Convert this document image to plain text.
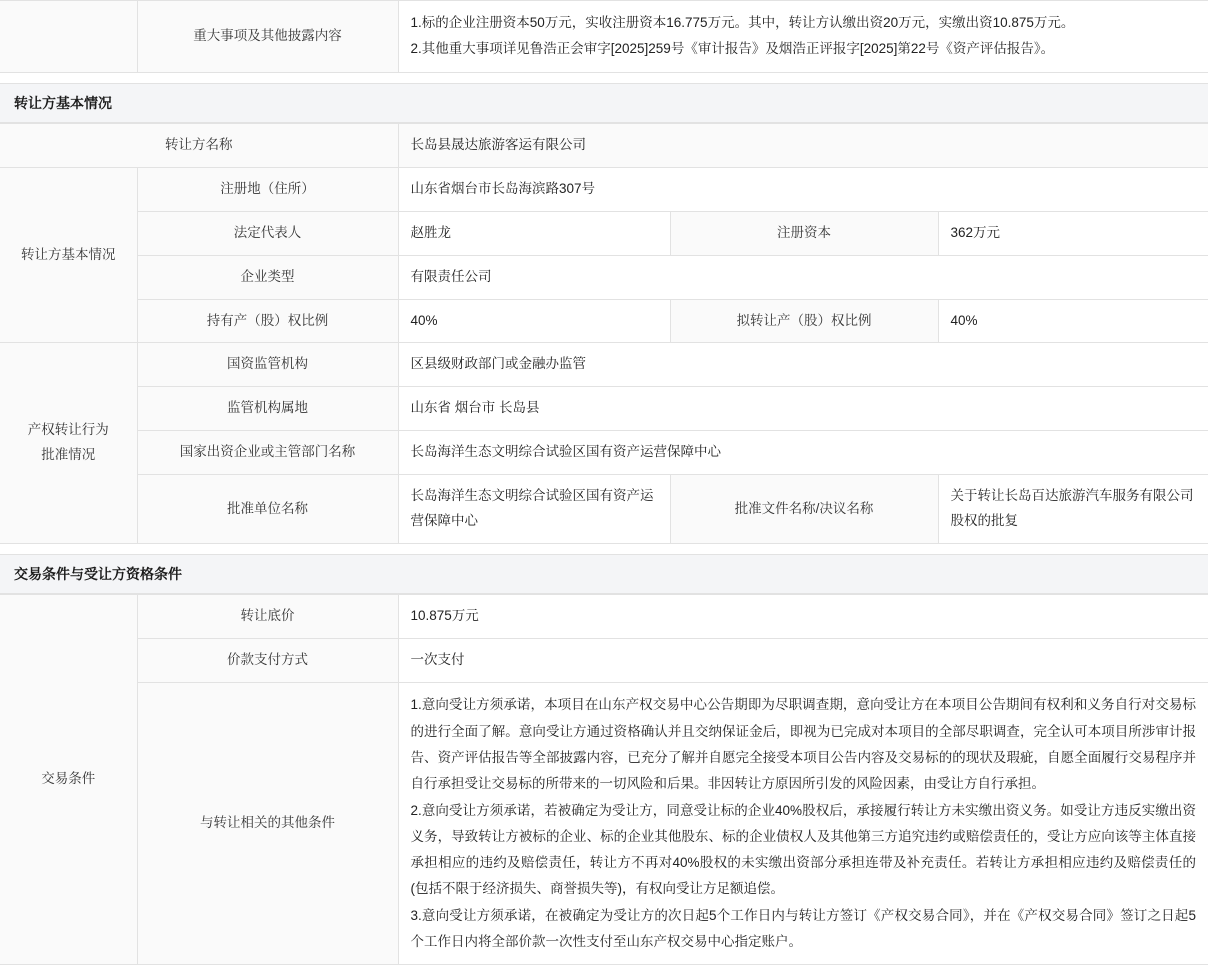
	重大事项及其他披露内容	
1.标的企业注册资本50万元，实收注册资本16.775万元。其中，转让方认缴出资20万元，实缴出资10.875万元。
2.其他重大事项详见鲁浩正会审字[2025]259号《审计报告》及烟浩正评报字[2025]第22号《资产评估报告》。
转让方基本情况
转让方名称		长岛县晟达旅游客运有限公司		
转让方基本情况	注册地（住所）	山东省烟台市长岛海滨路307号		
	法定代表人	赵胜龙	注册资本	362万元
	企业类型	有限责任公司		
	持有产（股）权比例	40%	拟转让产（股）权比例	40%

产权转让行为
批准情况	国资监管机构	区县级财政部门或金融办监管		
	监管机构属地	山东省 烟台市 长岛县		
	国家出资企业或主管部门名称	长岛海洋生态文明综合试验区国有资产运营保障中心		
	批准单位名称	长岛海洋生态文明综合试验区国有资产运营保障中心	批准文件名称/决议名称	关于转让长岛百达旅游汽车服务有限公司股权的批复
交易条件与受让方资格条件
交易条件	转让底价	10.875万元
	价款支付方式	一次支付
	与转让相关的其他条件	1.意向受让方须承诺，本项目在山东产权交易中心公告期即为尽职调查期，意向受让方在本项目公告期间有权利和义务自行对交易标的进行全面了解。意向受让方通过资格确认并且交纳保证金后，即视为已完成对本项目的全部尽职调查，完全认可本项目所涉审计报告、资产评估报告等全部披露内容，已充分了解并自愿完全接受本项目公告内容及交易标的的现状及瑕疵，自愿全面履行交易程序并自行承担受让交易标的所带来的一切风险和后果。非因转让方原因所引发的风险因素，由受让方自行承担。
2.意向受让方须承诺，若被确定为受让方，同意受让标的企业40%股权后，承接履行转让方未实缴出资义务。如受让方违反实缴出资义务，导致转让方被标的企业、标的企业其他股东、标的企业债权人及其他第三方追究违约或赔偿责任的，受让方应向该等主体直接承担相应的违约及赔偿责任，转让方不再对40%股权的未实缴出资部分承担连带及补充责任。若转让方承担相应违约及赔偿责任的(包括不限于经济损失、商誉损失等)，有权向受让方足额追偿。
3.意向受让方须承诺，在被确定为受让方的次日起5个工作日内与转让方签订《产权交易合同》，并在《产权交易合同》签订之日起5个工作日内将全部价款一次性支付至山东产权交易中心指定账户。
